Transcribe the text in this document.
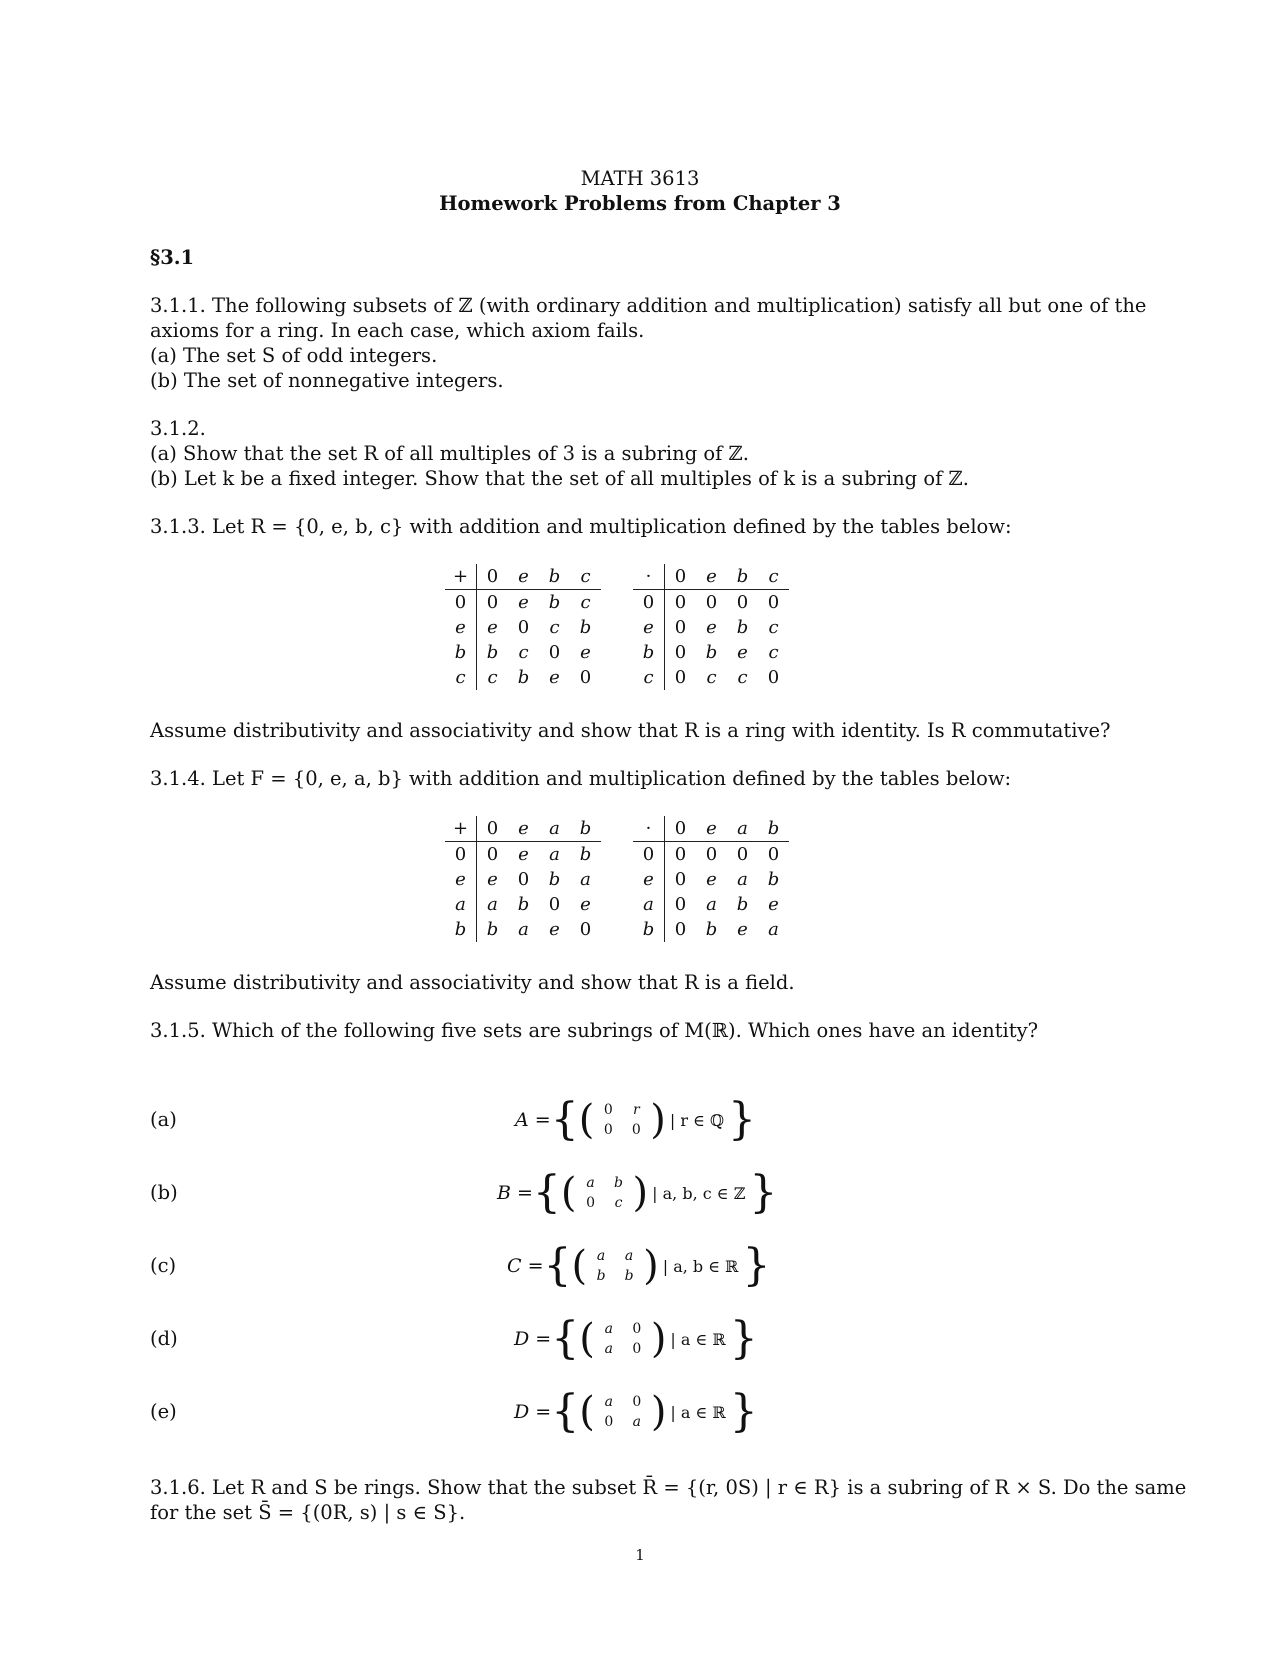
MATH 3613
Homework Problems from Chapter 3
§3.1
3.1.1. The following subsets of ℤ (with ordinary addition and multiplication) satisfy all but one of the
axioms for a ring. In each case, which axiom fails.
(a) The set S of odd integers.
(b) The set of nonnegative integers.
3.1.2.
(a) Show that the set R of all multiples of 3 is a subring of ℤ.
(b) Let k be a fixed integer. Show that the set of all multiples of k is a subring of ℤ.
3.1.3. Let R = {0, e, b, c} with addition and multiplication defined by the tables below:
+	0	e	b	c
0	0	e	b	c
e	e	0	c	b
b	b	c	0	e
c	c	b	e	0
·	0	e	b	c
0	0	0	0	0
e	0	e	b	c
b	0	b	e	c
c	0	c	c	0
Assume distributivity and associativity and show that R is a ring with identity. Is R commutative?
3.1.4. Let F = {0, e, a, b} with addition and multiplication defined by the tables below:
+	0	e	a	b
0	0	e	a	b
e	e	0	b	a
a	a	b	0	e
b	b	a	e	0
·	0	e	a	b
0	0	0	0	0
e	0	e	a	b
a	0	a	b	e
b	0	b	e	a
Assume distributivity and associativity and show that R is a field.
3.1.5. Which of the following five sets are subrings of M(ℝ). Which ones have an identity?
(a)	A = { ( 0	r
0	0 ) | r ∈ ℚ }
(b)	B = { ( a	b
0	c ) | a, b, c ∈ ℤ }
(c)	C = { ( a	a
b	b ) | a, b ∈ ℝ }
(d)	D = { ( a	0
a	0 ) | a ∈ ℝ }
(e)	D = { ( a	0
0	a ) | a ∈ ℝ }
3.1.6. Let R and S be rings. Show that the subset R̄ = {(r, 0S) | r ∈ R} is a subring of R × S. Do the same
for the set S̄ = {(0R, s) | s ∈ S}.
1
